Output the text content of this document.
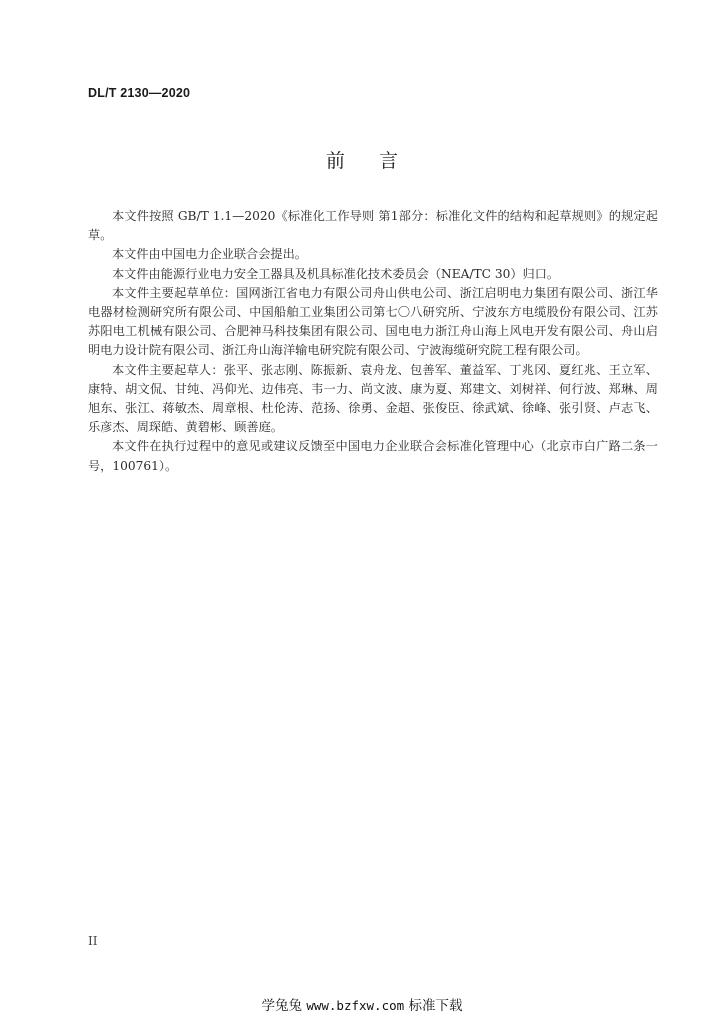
DL/T 2130—2020
前言

本文件按照 GB/T 1.1—2020《标准化工作导则 第1部分：标准化文件的结构和起草规则》的规定起草。

本文件由中国电力企业联合会提出。

本文件由能源行业电力安全工器具及机具标准化技术委员会（NEA/TC 30）归口。

本文件主要起草单位：国网浙江省电力有限公司舟山供电公司、浙江启明电力集团有限公司、浙江华电器材检测研究所有限公司、中国船舶工业集团公司第七〇八研究所、宁波东方电缆股份有限公司、江苏苏阳电工机械有限公司、合肥神马科技集团有限公司、国电电力浙江舟山海上风电开发有限公司、舟山启明电力设计院有限公司、浙江舟山海洋输电研究院有限公司、宁波海缆研究院工程有限公司。

本文件主要起草人：张平、张志刚、陈振新、袁舟龙、包善军、董益军、丁兆冈、夏红兆、王立军、康特、胡文侃、甘纯、冯仰光、边伟亮、韦一力、尚文波、康为夏、郑建文、刘树祥、何行波、郑琳、周旭东、张江、蒋敏杰、周章根、杜伦涛、范扬、徐勇、金超、张俊臣、徐武斌、徐峰、张引贤、卢志飞、乐彦杰、周琛皓、黄碧彬、顾善庭。

本文件在执行过程中的意见或建议反馈至中国电力企业联合会标准化管理中心（北京市白广路二条一号，100761）。

II
学兔兔 www.bzfxw.com 标准下载
